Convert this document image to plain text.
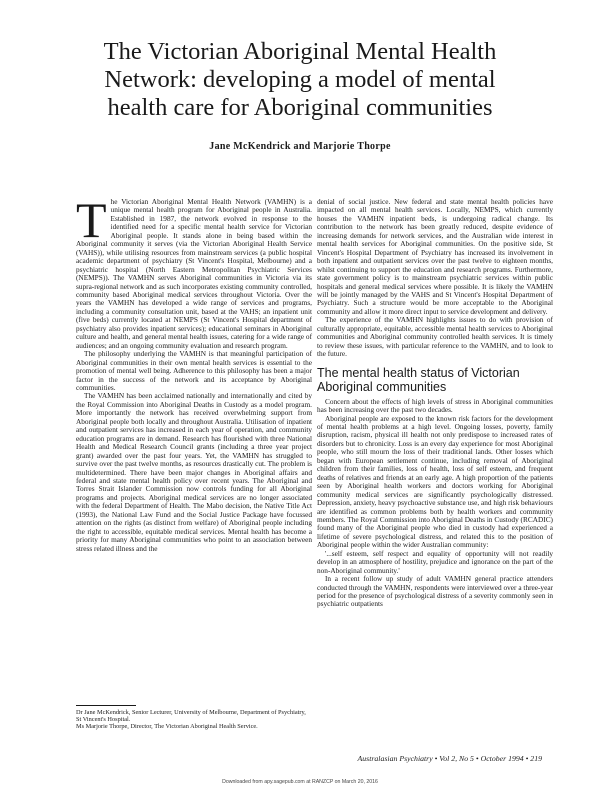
The Victorian Aboriginal Mental Health
Network: developing a model of mental
health care for Aboriginal communities
Jane McKendrick and Marjorie Thorpe

The Victorian Aboriginal Mental Health Network (VAMHN) is a unique mental health program for Aboriginal people in Australia. Established in 1987, the network evolved in response to the identified need for a specific mental health service for Victorian Aboriginal people. It stands alone in being based within the Aboriginal community it serves (via the Victorian Aboriginal Health Service (VAHS)), while utilising resources from mainstream services (a public hospital academic department of psychiatry (St Vincent's Hospital, Melbourne) and a psychiatric hospital (North Eastern Metropolitan Psychiatric Services (NEMPS)). The VAMHN serves Aboriginal communities in Victoria via its supra-regional network and as such incorporates existing community controlled, community based Aboriginal medical services throughout Victoria. Over the years the VAMHN has developed a wide range of services and programs, including a community consultation unit, based at the VAHS; an inpatient unit (five beds) currently located at NEMPS (St Vincent's Hospital department of psychiatry also provides inpatient services); educational seminars in Aboriginal culture and health, and general mental health issues, catering for a wide range of audiences; and an ongoing community evaluation and research program.

The philosophy underlying the VAMHN is that meaningful participation of Aboriginal communities in their own mental health services is essential to the promotion of mental well being. Adherence to this philosophy has been a major factor in the success of the network and its acceptance by Aboriginal communities.

The VAMHN has been acclaimed nationally and internationally and cited by the Royal Commission into Aboriginal Deaths in Custody as a model program. More importantly the network has received overwhelming support from Aboriginal people both locally and throughout Australia. Utilisation of inpatient and outpatient services has increased in each year of operation, and community education programs are in demand. Research has flourished with three National Health and Medical Research Council grants (including a three year project grant) awarded over the past four years. Yet, the VAMHN has struggled to survive over the past twelve months, as resources drastically cut. The problem is multidetermined. There have been major changes in Aboriginal affairs and federal and state mental health policy over recent years. The Aboriginal and Torres Strait Islander Commission now controls funding for all Aboriginal programs and projects. Aboriginal medical services are no longer associated with the federal Department of Health. The Mabo decision, the Native Title Act (1993), the National Law Fund and the Social Justice Package have focussed attention on the rights (as distinct from welfare) of Aboriginal people including the right to accessible, equitable medical services. Mental health has become a priority for many Aboriginal communities who point to an association between stress related illness and the

denial of social justice. New federal and state mental health policies have impacted on all mental health services. Locally, NEMPS, which currently houses the VAMHN inpatient beds, is undergoing radical change. Its contribution to the network has been greatly reduced, despite evidence of increasing demands for network services, and the Australian wide interest in mental health services for Aboriginal communities. On the positive side, St Vincent's Hospital Department of Psychiatry has increased its involvement in both inpatient and outpatient services over the past twelve to eighteen months, whilst continuing to support the education and research programs. Furthermore, state government policy is to mainstream psychiatric services within public hospitals and general medical services where possible. It is likely the VAMHN will be jointly managed by the VAHS and St Vincent's Hospital Department of Psychiatry. Such a structure would be more acceptable to the Aboriginal community and allow it more direct input to service development and delivery.

The experience of the VAMHN highlights issues to do with provision of culturally appropriate, equitable, accessible mental health services to Aboriginal communities and Aboriginal community controlled health services. It is timely to review these issues, with particular reference to the VAMHN, and to look to the future.

The mental health status of Victorian
Aboriginal communities

Concern about the effects of high levels of stress in Aboriginal communities has been increasing over the past two decades.

Aboriginal people are exposed to the known risk factors for the development of mental health problems at a high level. Ongoing losses, poverty, family disruption, racism, physical ill health not only predispose to increased rates of disorders but to chronicity. Loss is an every day experience for most Aboriginal people, who still mourn the loss of their traditional lands. Other losses which began with European settlement continue, including removal of Aboriginal children from their families, loss of health, loss of self esteem, and frequent deaths of relatives and friends at an early age. A high proportion of the patients seen by Aboriginal health workers and doctors working for Aboriginal community medical services are significantly psychologically distressed. Depression, anxiety, heavy psychoactive substance use, and high risk behaviours are identified as common problems both by health workers and community members. The Royal Commission into Aboriginal Deaths in Custody (RCADIC) found many of the Aboriginal people who died in custody had experienced a lifetime of severe psychological distress, and related this to the position of Aboriginal people within the wider Australian community:

'...self esteem, self respect and equality of opportunity will not readily develop in an atmosphere of hostility, prejudice and ignorance on the part of the non-Aboriginal community.'

In a recent follow up study of adult VAMHN general practice attenders conducted through the VAMHN, respondents were interviewed over a three-year period for the presence of psychological distress of a severity commonly seen in psychiatric outpatients

Dr Jane McKendrick, Senior Lecturer, University of Melbourne, Department of Psychiatry, St Vincent's Hospital.

Ms Marjorie Thorpe, Director, The Victorian Aboriginal Health Service.

Australasian Psychiatry • Vol 2, No 5 • October 1994 • 219
Downloaded from apy.sagepub.com at RANZCP on March 20, 2016
